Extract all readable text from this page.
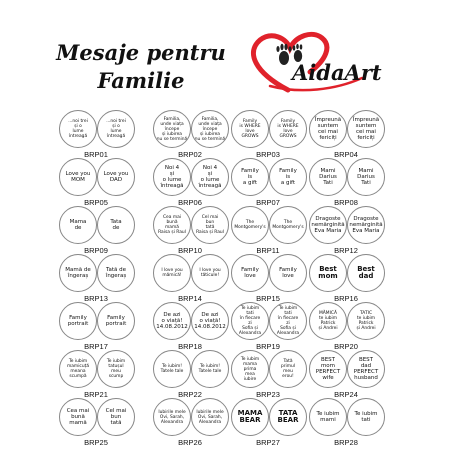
Mesaje pentru
Familie	AidaArt
...noi trei
și o
lume
întreagă
...noi trei
și o
lume
întreagă
BRP01
Familia,
unde viața începe
și iubirea
nu se termină
Familia,
unde viața începe
și iubirea
nu se termină
BRP02
Family
is WHERE
love
GROWS
Family
is WHERE
love
GROWS
BRP03
Împreună
suntem
cei mai
fericiți
Împreună
suntem
cei mai
fericiți
BRP04
Love you
MOM
Love you
DAD
BRP05
Noi 4
și
o lume
întreagă
Noi 4
și
o lume
întreagă
BRP06
Family
is
a gift
Family
is
a gift
BRP07
Mami
Darius
Tati
Mami
Darius
Tati
BRP08
Mama
de
Tata
de
BRP09
Cea mai
bună
mamă
Raisa și Raul
Cel mai
bun
tată
Raisa și Raul
BRP10
The Montgomery's
The Montgomery's
BRP11
Dragoste
nemărginită
Eva Maria
Dragoste
nemărginită
Eva Maria
BRP12
Mamă de
îngeraș
Tată de
îngeraș
BRP13
I love you
mămică!
I love you
tăticule!
BRP14
Family
love
Family
love
BRP15
Best
mom
Best
dad
BRP16
Family
portrait
Family
portrait
BRP17
De azi
o viață!
14.08.2012
De azi
o viață!
14.08.2012
BRP18
Te iubim
tati
în fiecare
zi
Sofia și
Alexandra
Te iubim
tati
în fiecare
zi
Sofia și
Alexandra
BRP19
MĂMICĂ
te iubim
Patrick
și Andrei
TATIC
te iubim
Patrick
și Andrei
BRP20
Te iubim
mamicuță
meana
scumpă
Te iubim
tatușul
meu
scump
BRP21
Te iubim!
Tatele tale
Te iubim!
Tatele tale
BRP22
Te iubim
mama
prima
mea
iubire
Tată
primul
meu
erou!
BRP23
BEST
mom
PERFECT
wife
BEST
dad
PERFECT
husband
BRP24
Cea mai
bună
mamă
Cel mai
bun
tată
BRP25
Iubirile mele
Ovi, Sarah,
Alexandra
Iubirile mele
Ovi, Sarah,
Alexandra
BRP26
MAMA
BEAR
TATA
BEAR
BRP27
Te iubim
mami
Te iubim
tati
BRP28
